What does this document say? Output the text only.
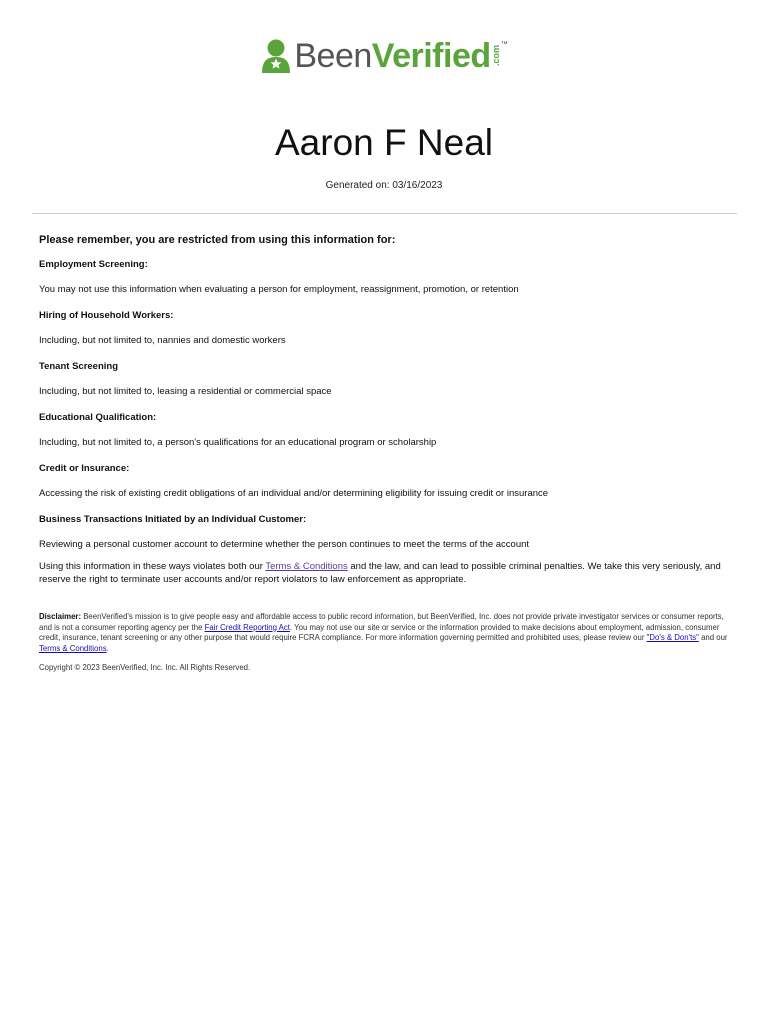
BeenVerified .com
™
Aaron F Neal
Generated on: 03/16/2023
Please remember, you are restricted from using this information for:
Employment Screening:
You may not use this information when evaluating a person for employment, reassignment, promotion, or retention
Hiring of Household Workers:
Including, but not limited to, nannies and domestic workers
Tenant Screening
Including, but not limited to, leasing a residential or commercial space
Educational Qualification:
Including, but not limited to, a person's qualifications for an educational program or scholarship
Credit or Insurance:
Accessing the risk of existing credit obligations of an individual and/or determining eligibility for issuing credit or insurance
Business Transactions Initiated by an Individual Customer:
Reviewing a personal customer account to determine whether the person continues to meet the terms of the account
Using this information in these ways violates both our Terms & Conditions and the law, and can lead to possible criminal penalties. We take this very seriously, and reserve the right to terminate user accounts and/or report violators to law enforcement as appropriate.
Disclaimer: BeenVerified's mission is to give people easy and affordable access to public record information, but BeenVerified, Inc. does not provide private investigator services or consumer reports, and is not a consumer reporting agency per the Fair Credit Reporting Act. You may not use our site or service or the information provided to make decisions about employment, admission, consumer credit, insurance, tenant screening or any other purpose that would require FCRA compliance. For more information governing permitted and prohibited uses, please review our "Do's & Don'ts" and our Terms & Conditions.
Copyright © 2023 BeenVerified, Inc. Inc. All Rights Reserved.
